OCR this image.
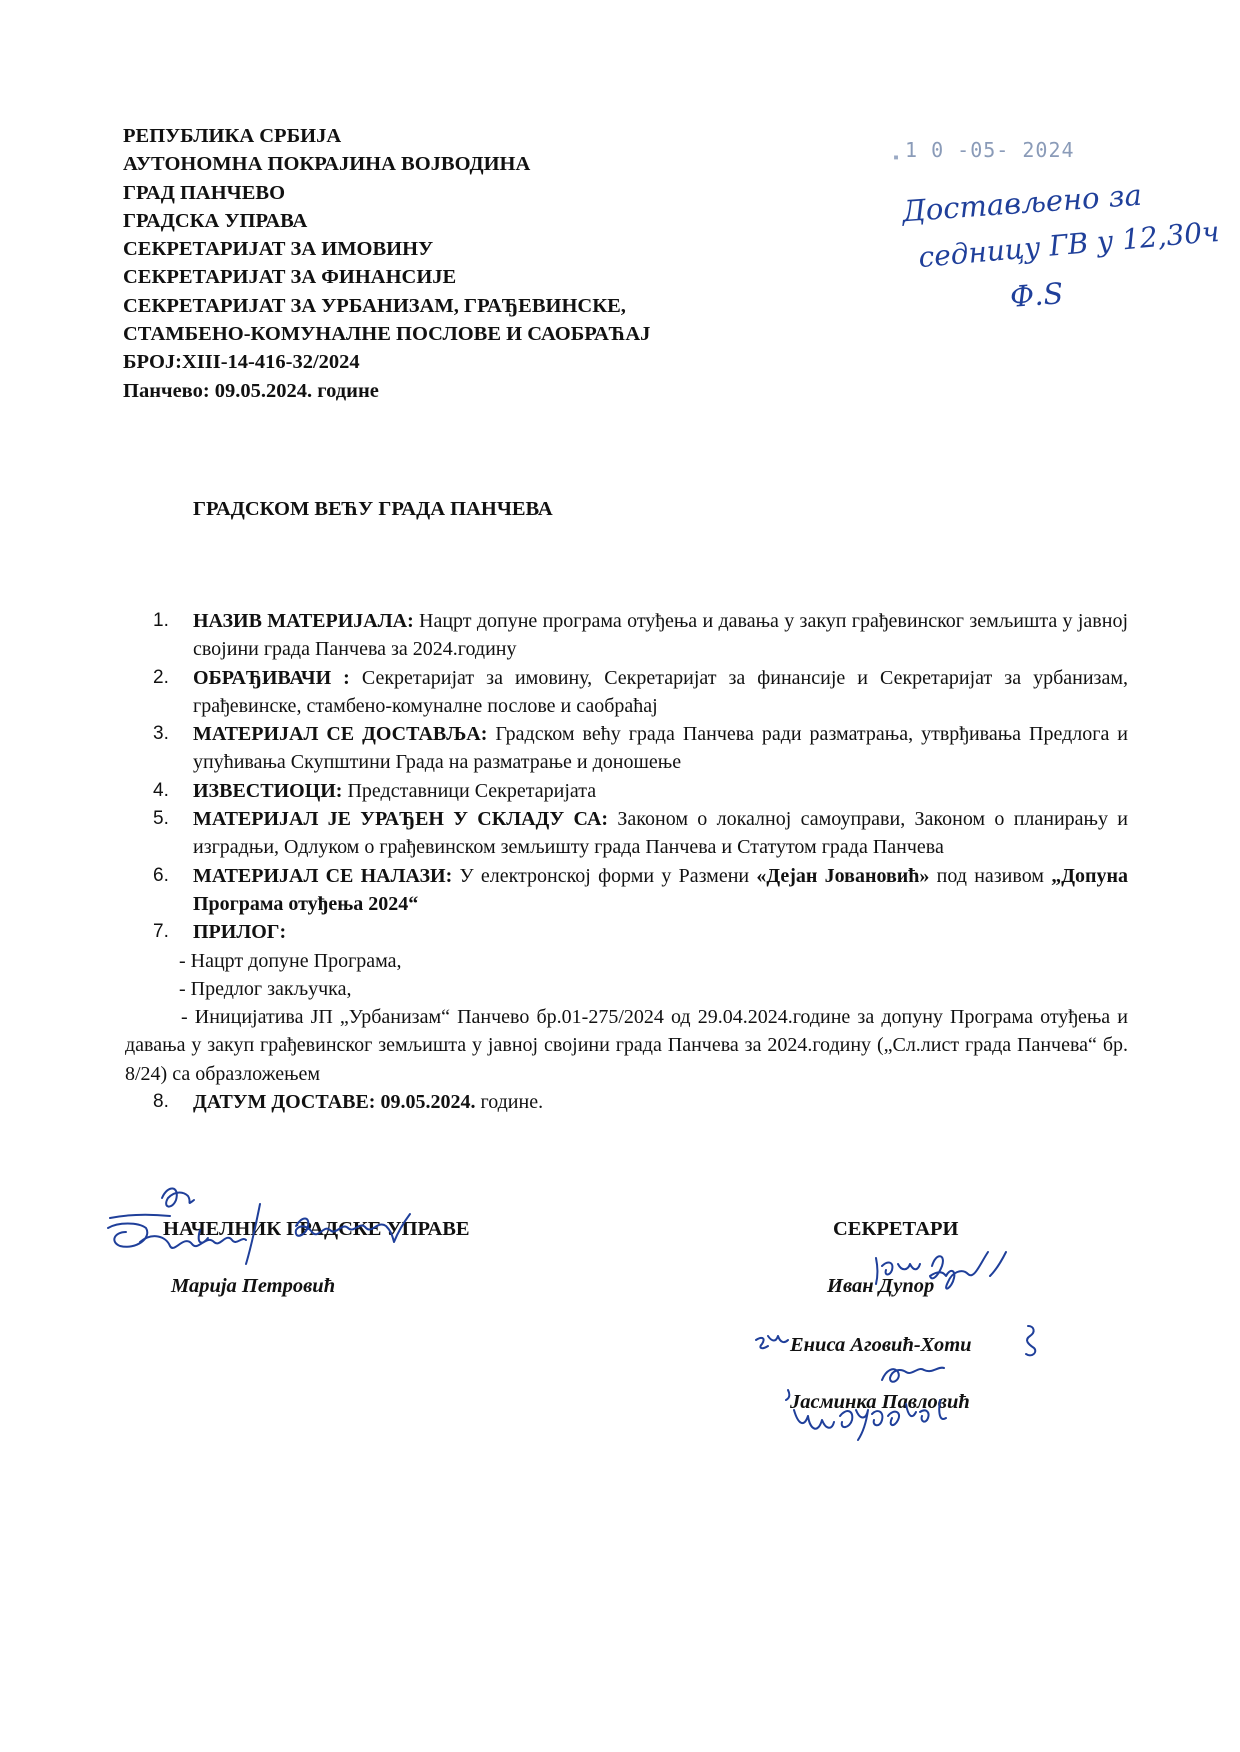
РЕПУБЛИКА СРБИЈА
АУТОНОМНА ПОКРАЈИНА ВОЈВОДИНА
ГРАД ПАНЧЕВО
ГРАДСКА УПРАВА
СЕКРЕТАРИЈАТ ЗА ИМОВИНУ
СЕКРЕТАРИЈАТ ЗА ФИНАНСИЈЕ
СЕКРЕТАРИЈАТ ЗА УРБАНИЗАМ, ГРАЂЕВИНСКЕ,
СТАМБЕНО-КОМУНАЛНЕ ПОСЛОВЕ И САОБРАЋАЈ
БРОЈ:XIII-14-416-32/2024
Панчево: 09.05.2024. године
▪ 1 0 -05- 2024
Достављено за
седницу ГВ у 12,30ч
Ф.S
ГРАДСКОМ ВЕЋУ ГРАДА ПАНЧЕВА
1. НАЗИВ МАТЕРИЈАЛА: Нацрт допуне програма отуђења и давања у закуп грађевинског земљишта у јавној својини града Панчева за 2024.годину
2. ОБРАЂИВАЧИ : Секретаријат за имовину, Секретаријат за финансије и Секретаријат за урбанизам, грађевинске, стамбено-комуналне послове и саобраћај
3. МАТЕРИЈАЛ СЕ ДОСТАВЉА: Градском већу града Панчева ради разматрања, утврђивања Предлога и упућивања Скупштини Града на разматрање и доношење
4. ИЗВЕСТИОЦИ: Представници Секретаријата
5. МАТЕРИЈАЛ ЈЕ УРАЂЕН У СКЛАДУ СА: Законом о локалној самоуправи, Законом о планирању и изградњи, Одлуком о грађевинском земљишту града Панчева и Статутом града Панчева
6. МАТЕРИЈАЛ СЕ НАЛАЗИ: У електронској форми у Размени «Дејан Јовановић» под називом „Допуна Програма отуђења 2024“
7. ПРИЛОГ:
- Нацрт допуне Програма,
- Предлог закључка,
- Иницијатива ЈП „Урбанизам“ Панчево бр.01-275/2024 од 29.04.2024.године за допуну Програма отуђења и давања у закуп грађевинског земљишта у јавној својини града Панчева за 2024.годину („Сл.лист града Панчева“ бр. 8/24) са образложењем
8. ДАТУМ ДОСТАВЕ: 09.05.2024. године.
НАЧЕЛНИК ГРАДСКЕ УПРАВЕ
Марија Петровић
СЕКРЕТАРИ
Иван Дупор
Ениса Аговић-Хоти
Јасминка Павловић
